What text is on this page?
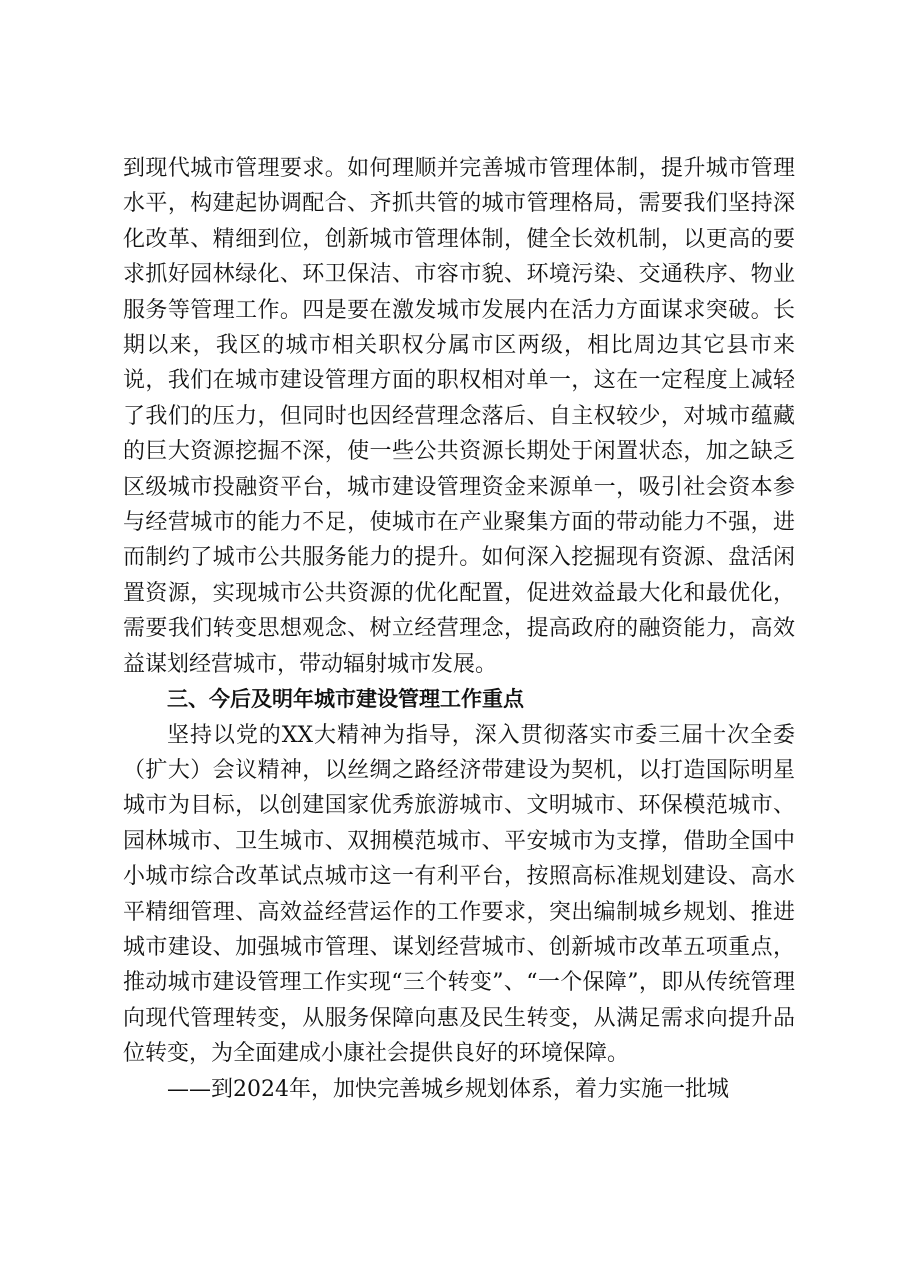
到现代城市管理要求。如何理顺并完善城市管理体制，提升城市管理水平，构建起协调配合、齐抓共管的城市管理格局，需要我们坚持深化改革、精细到位，创新城市管理体制，健全长效机制，以更高的要求抓好园林绿化、环卫保洁、市容市貌、环境污染、交通秩序、物业服务等管理工作。四是要在激发城市发展内在活力方面谋求突破。长期以来，我区的城市相关职权分属市区两级，相比周边其它县市来说，我们在城市建设管理方面的职权相对单一，这在一定程度上减轻了我们的压力，但同时也因经营理念落后、自主权较少，对城市蕴藏的巨大资源挖掘不深，使一些公共资源长期处于闲置状态，加之缺乏区级城市投融资平台，城市建设管理资金来源单一，吸引社会资本参与经营城市的能力不足，使城市在产业聚集方面的带动能力不强，进而制约了城市公共服务能力的提升。如何深入挖掘现有资源、盘活闲置资源，实现城市公共资源的优化配置，促进效益最大化和最优化，需要我们转变思想观念、树立经营理念，提高政府的融资能力，高效益谋划经营城市，带动辐射城市发展。

三、今后及明年城市建设管理工作重点

坚持以党的XX大精神为指导，深入贯彻落实市委三届十次全委（扩大）会议精神，以丝绸之路经济带建设为契机，以打造国际明星城市为目标，以创建国家优秀旅游城市、文明城市、环保模范城市、园林城市、卫生城市、双拥模范城市、平安城市为支撑，借助全国中小城市综合改革试点城市这一有利平台，按照高标准规划建设、高水平精细管理、高效益经营运作的工作要求，突出编制城乡规划、推进城市建设、加强城市管理、谋划经营城市、创新城市改革五项重点，推动城市建设管理工作实现“三个转变”、“一个保障”，即从传统管理向现代管理转变，从服务保障向惠及民生转变，从满足需求向提升品位转变，为全面建成小康社会提供良好的环境保障。

——到2024年，加快完善城乡规划体系，着力实施一批城
